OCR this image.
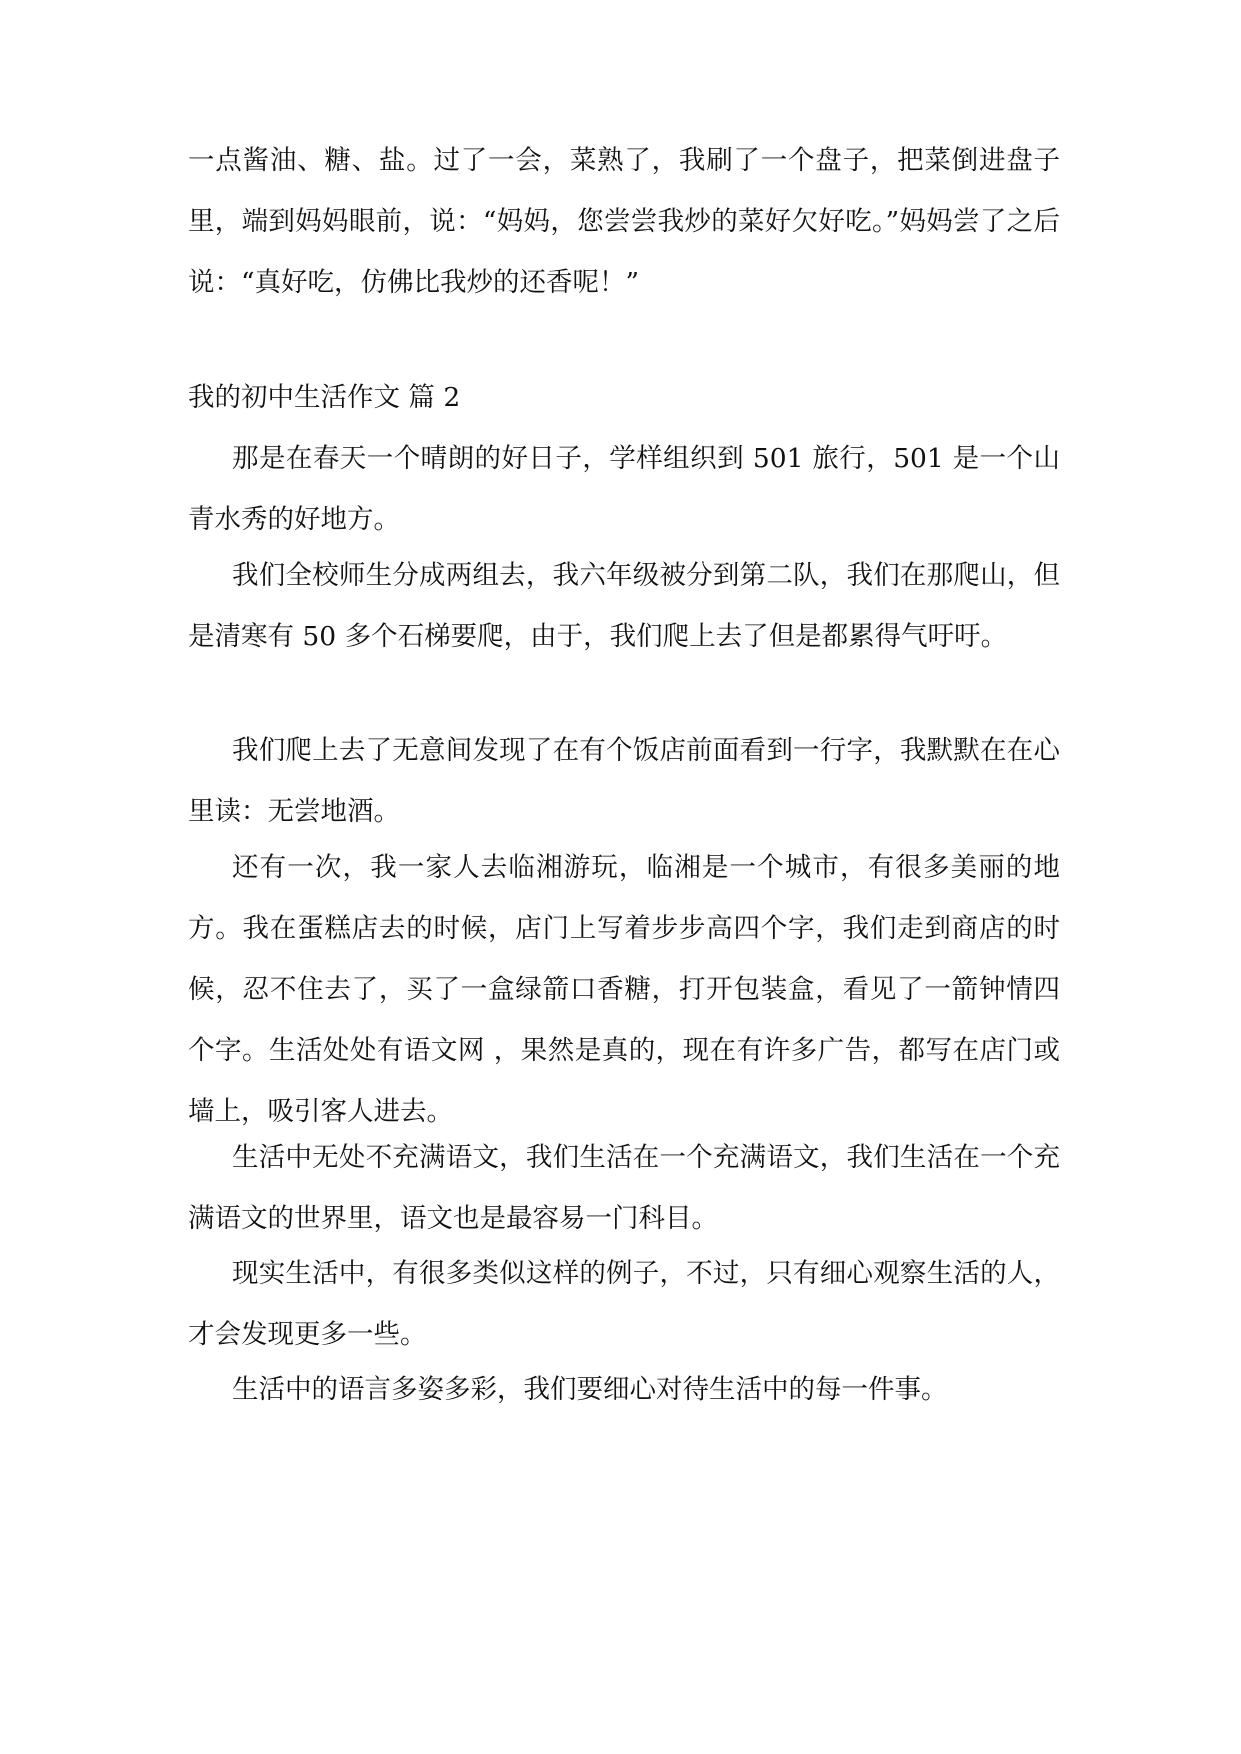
一点酱油、糖、盐。过了一会，菜熟了，我刷了一个盘子，把菜倒进盘子里，端到妈妈眼前，说：“妈妈，您尝尝我炒的菜好欠好吃。”妈妈尝了之后说：“真好吃，仿佛比我炒的还香呢！”

我的初中生活作文 篇 2

那是在春天一个晴朗的好日子，学样组织到 501 旅行，501 是一个山青水秀的好地方。

我们全校师生分成两组去，我六年级被分到第二队，我们在那爬山，但是清寒有 50 多个石梯要爬，由于，我们爬上去了但是都累得气吁吁。

我们爬上去了无意间发现了在有个饭店前面看到一行字，我默默在在心里读：无尝地酒。

还有一次，我一家人去临湘游玩，临湘是一个城市，有很多美丽的地方。我在蛋糕店去的时候，店门上写着步步高四个字，我们走到商店的时候，忍不住去了，买了一盒绿箭口香糖，打开包装盒，看见了一箭钟情四个字。生活处处有语文网 ，果然是真的，现在有许多广告，都写在店门或墙上，吸引客人进去。

生活中无处不充满语文，我们生活在一个充满语文，我们生活在一个充满语文的世界里，语文也是最容易一门科目。

现实生活中，有很多类似这样的例子，不过，只有细心观察生活的人，才会发现更多一些。

生活中的语言多姿多彩，我们要细心对待生活中的每一件事。
